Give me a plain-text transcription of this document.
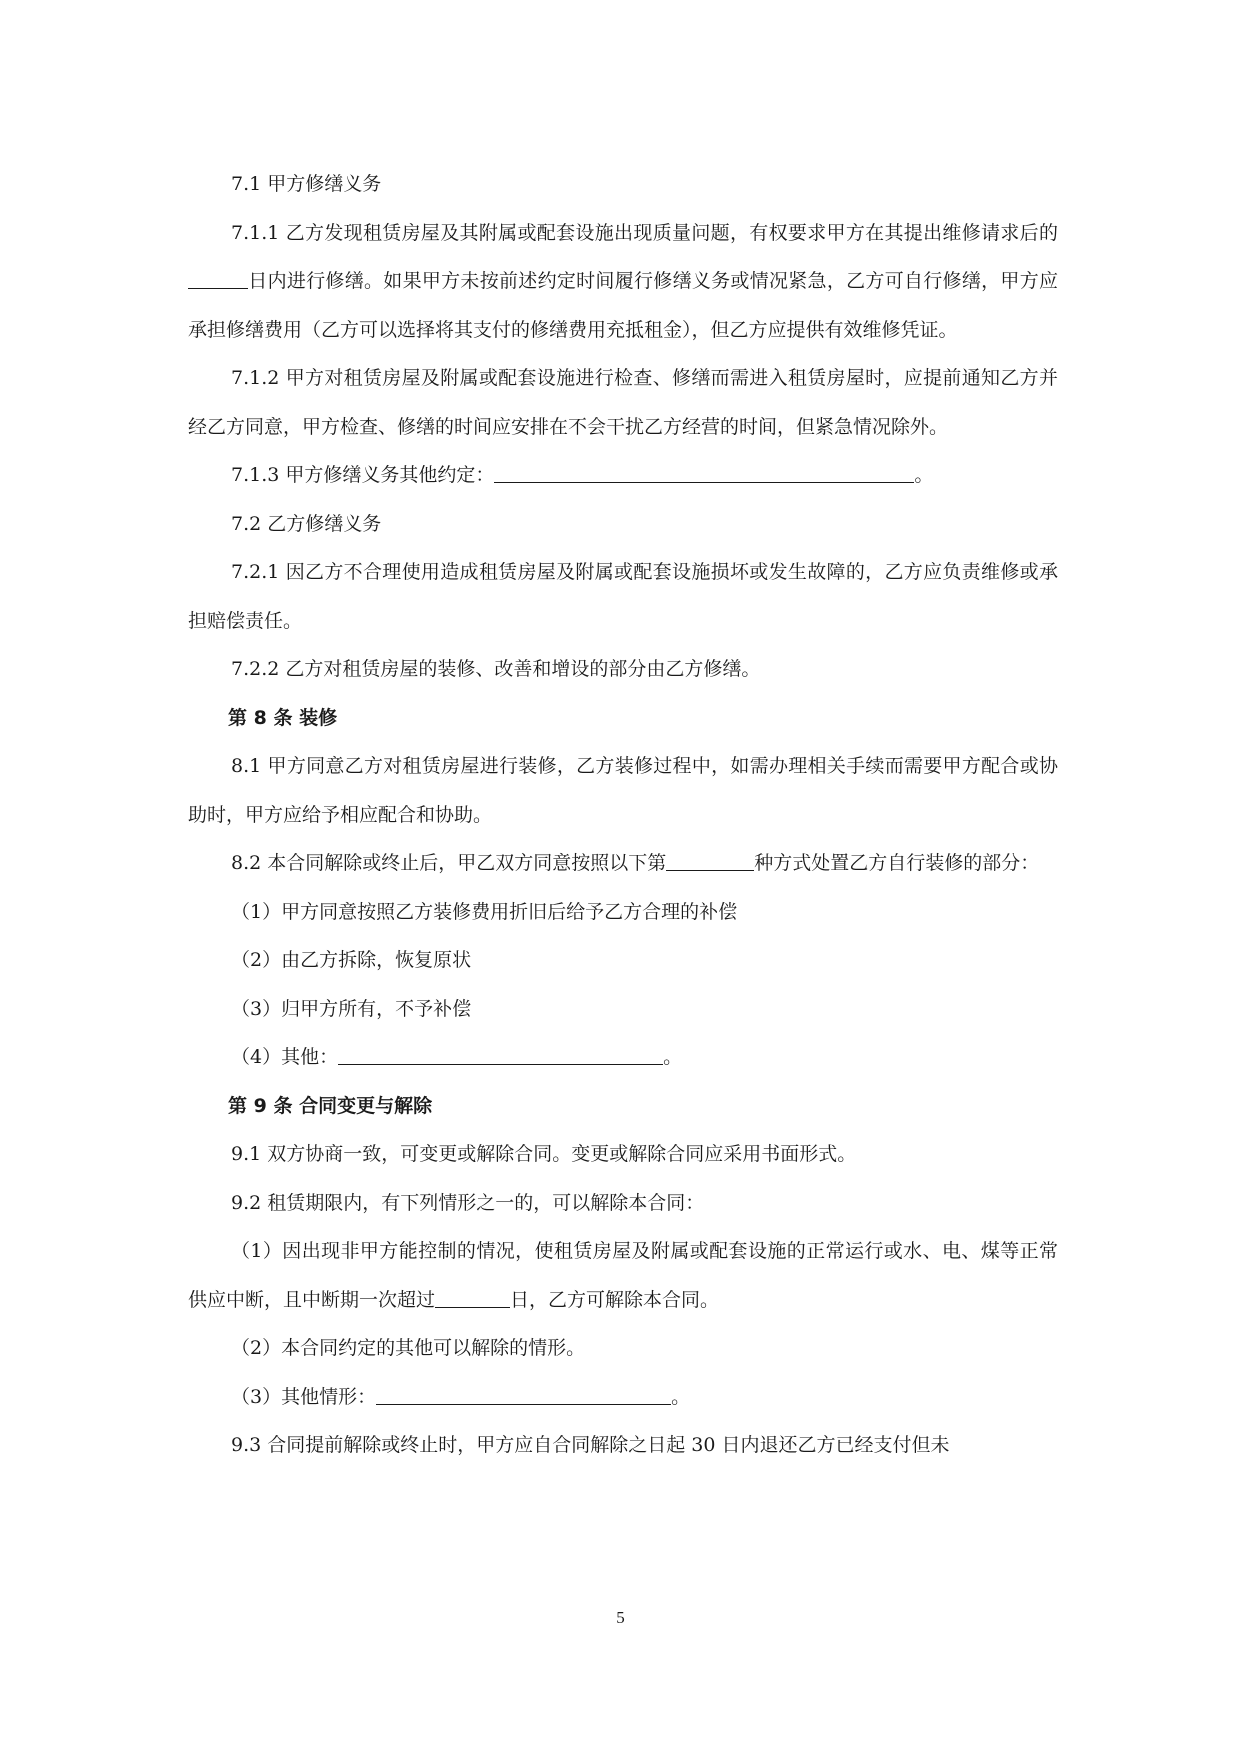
7.1 甲方修缮义务

7.1.1 乙方发现租赁房屋及其附属或配套设施出现质量问题，有权要求甲方在其提出维修请求后的日内进行修缮。如果甲方未按前述约定时间履行修缮义务或情况紧急，乙方可自行修缮，甲方应承担修缮费用（乙方可以选择将其支付的修缮费用充抵租金），但乙方应提供有效维修凭证。

7.1.2 甲方对租赁房屋及附属或配套设施进行检查、修缮而需进入租赁房屋时，应提前通知乙方并经乙方同意，甲方检查、修缮的时间应安排在不会干扰乙方经营的时间，但紧急情况除外。

7.1.3 甲方修缮义务其他约定：	。

7.2 乙方修缮义务

7.2.1 因乙方不合理使用造成租赁房屋及附属或配套设施损坏或发生故障的，乙方应负责维修或承担赔偿责任。

7.2.2 乙方对租赁房屋的装修、改善和增设的部分由乙方修缮。

第 8 条 装修

8.1 甲方同意乙方对租赁房屋进行装修，乙方装修过程中，如需办理相关手续而需要甲方配合或协助时，甲方应给予相应配合和协助。

8.2 本合同解除或终止后，甲乙双方同意按照以下第	种方式处置乙方自行装修的部分：

（1）甲方同意按照乙方装修费用折旧后给予乙方合理的补偿

（2）由乙方拆除，恢复原状

（3）归甲方所有，不予补偿

（4）其他：	。

第 9 条 合同变更与解除

9.1 双方协商一致，可变更或解除合同。变更或解除合同应采用书面形式。

9.2 租赁期限内，有下列情形之一的，可以解除本合同：

（1）因出现非甲方能控制的情况，使租赁房屋及附属或配套设施的正常运行或水、电、煤等正常供应中断，且中断期一次超过	日，乙方可解除本合同。

（2）本合同约定的其他可以解除的情形。

（3）其他情形：	。

9.3 合同提前解除或终止时，甲方应自合同解除之日起 30 日内退还乙方已经支付但未

5
